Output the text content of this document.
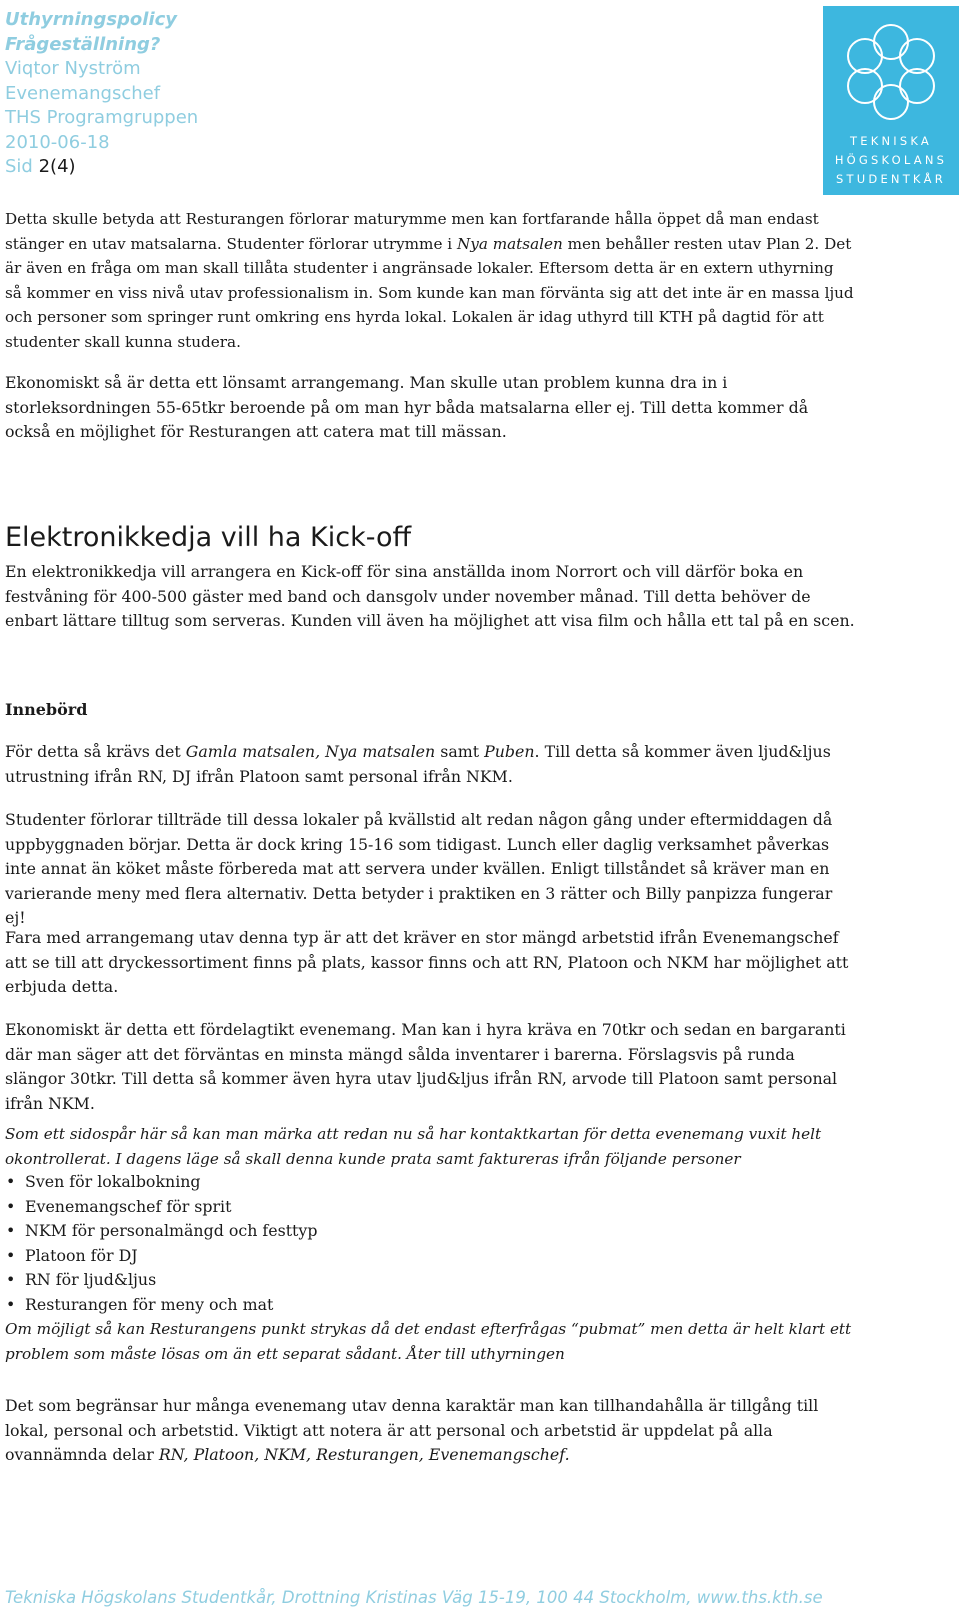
Uthyrningspolicy
Frågeställning?
Viqtor Nyström
Evenemangschef
THS Programgruppen
2010-06-18
Sid 2(4)
TEKNISKA
HÖGSKOLANS
STUDENTKÅR

Detta skulle betyda att Resturangen förlorar maturymme men kan fortfarande hålla öppet då man endast stänger en utav matsalarna. Studenter förlorar utrymme i Nya matsalen men behåller resten utav Plan 2. Det är även en fråga om man skall tillåta studenter i angränsade lokaler. Eftersom detta är en extern uthyrning så kommer en viss nivå utav professionalism in. Som kunde kan man förvänta sig att det inte är en massa ljud och personer som springer runt omkring ens hyrda lokal. Lokalen är idag uthyrd till KTH på dagtid för att studenter skall kunna studera.

Ekonomiskt så är detta ett lönsamt arrangemang. Man skulle utan problem kunna dra in i storleksordningen 55-65tkr beroende på om man hyr båda matsalarna eller ej. Till detta kommer då också en möjlighet för Resturangen att catera mat till mässan.

Elektronikkedja vill ha Kick-off

En elektronikkedja vill arrangera en Kick-off för sina anställda inom Norrort och vill därför boka en festvåning för 400-500 gäster med band och dansgolv under november månad. Till detta behöver de enbart lättare tilltug som serveras. Kunden vill även ha möjlighet att visa film och hålla ett tal på en scen.

Innebörd

För detta så krävs det Gamla matsalen, Nya matsalen samt Puben. Till detta så kommer även ljud&ljus utrustning ifrån RN, DJ ifrån Platoon samt personal ifrån NKM.

Studenter förlorar tillträde till dessa lokaler på kvällstid alt redan någon gång under eftermiddagen då uppbyggnaden börjar. Detta är dock kring 15-16 som tidigast. Lunch eller daglig verksamhet påverkas inte annat än köket måste förbereda mat att servera under kvällen. Enligt tillståndet så kräver man en varierande meny med flera alternativ. Detta betyder i praktiken en 3 rätter och Billy panpizza fungerar ej!

Fara med arrangemang utav denna typ är att det kräver en stor mängd arbetstid ifrån Evenemangschef att se till att dryckessortiment finns på plats, kassor finns och att RN, Platoon och NKM har möjlighet att erbjuda detta.

Ekonomiskt är detta ett fördelagtikt evenemang. Man kan i hyra kräva en 70tkr och sedan en bargaranti där man säger att det förväntas en minsta mängd sålda inventarer i barerna. Förslagsvis på runda slängor 30tkr. Till detta så kommer även hyra utav ljud&ljus ifrån RN, arvode till Platoon samt personal ifrån NKM.

Som ett sidospår här så kan man märka att redan nu så har kontaktkartan för detta evenemang vuxit helt okontrollerat. I dagens läge så skall denna kunde prata samt faktureras ifrån följande personer

• Sven för lokalbokning
• Evenemangschef för sprit
• NKM för personalmängd och festtyp
• Platoon för DJ
• RN för ljud&ljus
• Resturangen för meny och mat

Om möjligt så kan Resturangens punkt strykas då det endast efterfrågas “pubmat” men detta är helt klart ett problem som måste lösas om än ett separat sådant. Åter till uthyrningen

Det som begränsar hur många evenemang utav denna karaktär man kan tillhandahålla är tillgång till lokal, personal och arbetstid. Viktigt att notera är att personal och arbetstid är uppdelat på alla ovannämnda delar RN, Platoon, NKM, Resturangen, Evenemangschef.

Tekniska Högskolans Studentkår, Drottning Kristinas Väg 15-19, 100 44 Stockholm, www.ths.kth.se
